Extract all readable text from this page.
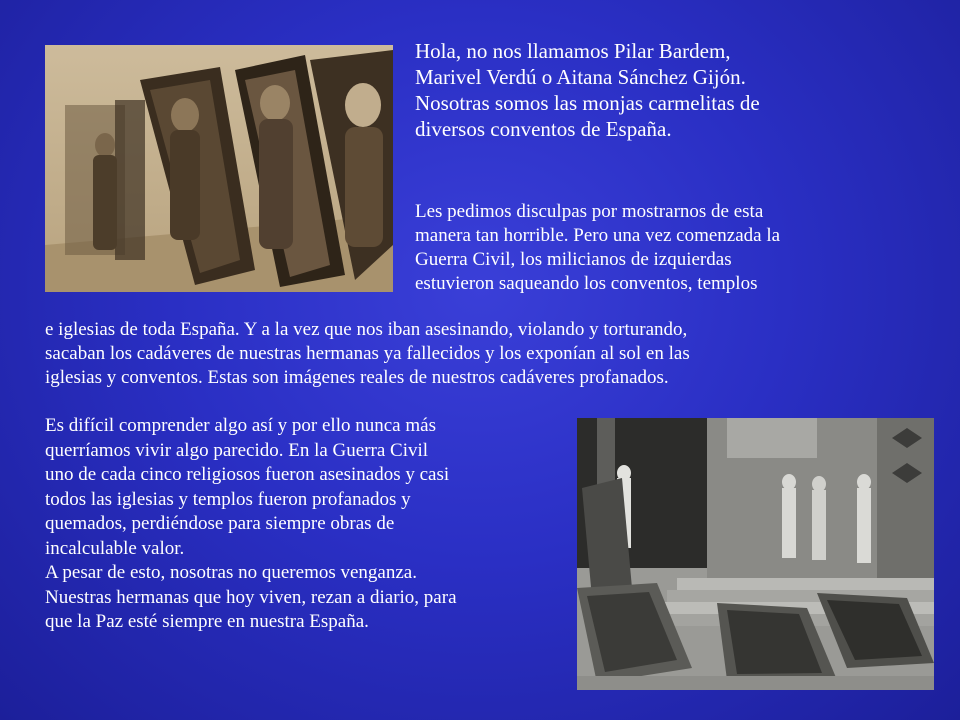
Hola, no nos llamamos Pilar Bardem,
Marivel Verdú o Aitana Sánchez Gijón.
Nosotras somos las monjas carmelitas de
diversos conventos de España.

Les pedimos disculpas por mostrarnos de esta
manera tan horrible. Pero una vez comenzada la
Guerra Civil, los milicianos de izquierdas
estuvieron saqueando los conventos, templos

e iglesias de toda España. Y a la vez que nos iban asesinando, violando y torturando,
sacaban los cadáveres de nuestras hermanas ya fallecidos y los exponían al sol en las
iglesias y conventos. Estas son imágenes reales de nuestros cadáveres profanados.

Es difícil comprender algo así y por ello nunca más
querríamos vivir algo parecido. En la Guerra Civil
uno de cada cinco religiosos fueron asesinados y casi
todos las iglesias y templos fueron profanados y
quemados, perdiéndose para siempre obras de
incalculable valor.
A pesar de esto, nosotras no queremos venganza.
Nuestras hermanas que hoy viven, rezan a diario, para
que la Paz esté siempre en nuestra España.
